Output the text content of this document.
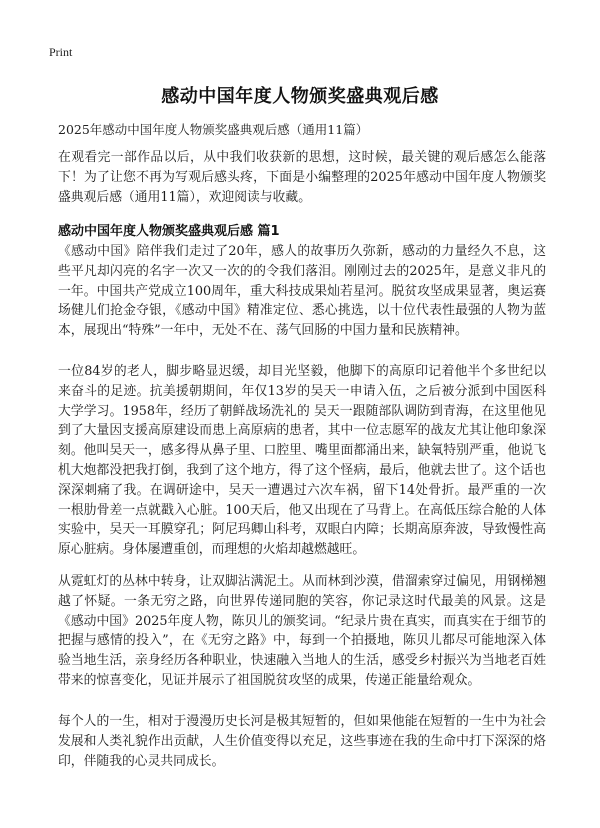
Print
感动中国年度人物颁奖盛典观后感
2025年感动中国年度人物颁奖盛典观后感（通用11篇）

在观看完一部作品以后，从中我们收获新的思想，这时候，最关键的观后感怎么能落下！为了让您不再为写观后感头疼，下面是小编整理的2025年感动中国年度人物颁奖盛典观后感（通用11篇），欢迎阅读与收藏。

感动中国年度人物颁奖盛典观后感 篇1

《感动中国》陪伴我们走过了20年，感人的故事历久弥新，感动的力量经久不息，这些平凡却闪亮的名字一次又一次的的令我们落泪。刚刚过去的2025年，是意义非凡的一年。中国共产党成立100周年，重大科技成果灿若星河。脱贫攻坚成果显著，奥运赛场健儿们抢金夺银，《感动中国》精准定位、悉心挑选，以十位代表性最强的人物为蓝本，展现出“特殊”一年中，无处不在、荡气回肠的中国力量和民族精神。

一位84岁的老人，脚步略显迟缓，却目光坚毅，他脚下的高原印记着他半个多世纪以来奋斗的足迹。抗美援朝期间，年仅13岁的吴天一申请入伍，之后被分派到中国医科大学学习。1958年，经历了朝鲜战场洗礼的 吴天一跟随部队调防到青海，在这里他见到了大量因支援高原建设而患上高原病的患者，其中一位志愿军的战友尤其让他印象深刻。他叫吴天一，感多得从鼻子里、口腔里、嘴里面都涌出来，缺氧特别严重，他说飞机大炮都没把我打倒，我到了这个地方，得了这个怪病，最后，他就去世了。这个话也深深刺痛了我。在调研途中，吴天一遭遇过六次车祸，留下14处骨折。最严重的一次一根肋骨差一点就戳入心脏。100天后，他又出现在了马背上。在高低压综合舱的人体实验中，吴天一耳膜穿孔；阿尼玛卿山科考，双眼白内障；长期高原奔波，导致慢性高原心脏病。身体屡遭重创，而理想的火焰却越燃越旺。

从霓虹灯的丛林中转身，让双脚沾满泥土。从而林到沙漠，借溜索穿过偏见，用钢梯翘越了怀疑。一条无穷之路，向世界传递同胞的笑容，你记录这时代最美的风景。这是《感动中国》2025年度人物，陈贝儿的颁奖词。“纪录片贵在真实，而真实在于细节的把握与感情的投入”，在《无穷之路》中，每到一个拍摄地，陈贝儿都尽可能地深入体验当地生活，亲身经历各种职业，快速融入当地人的生活，感受乡村振兴为当地老百姓带来的惊喜变化，见证并展示了祖国脱贫攻坚的成果，传递正能量给观众。

每个人的一生，相对于漫漫历史长河是极其短暂的，但如果他能在短暂的一生中为社会发展和人类礼貌作出贡献，人生价值变得以充足，这些事迹在我的生命中打下深深的烙印，伴随我的心灵共同成长。
